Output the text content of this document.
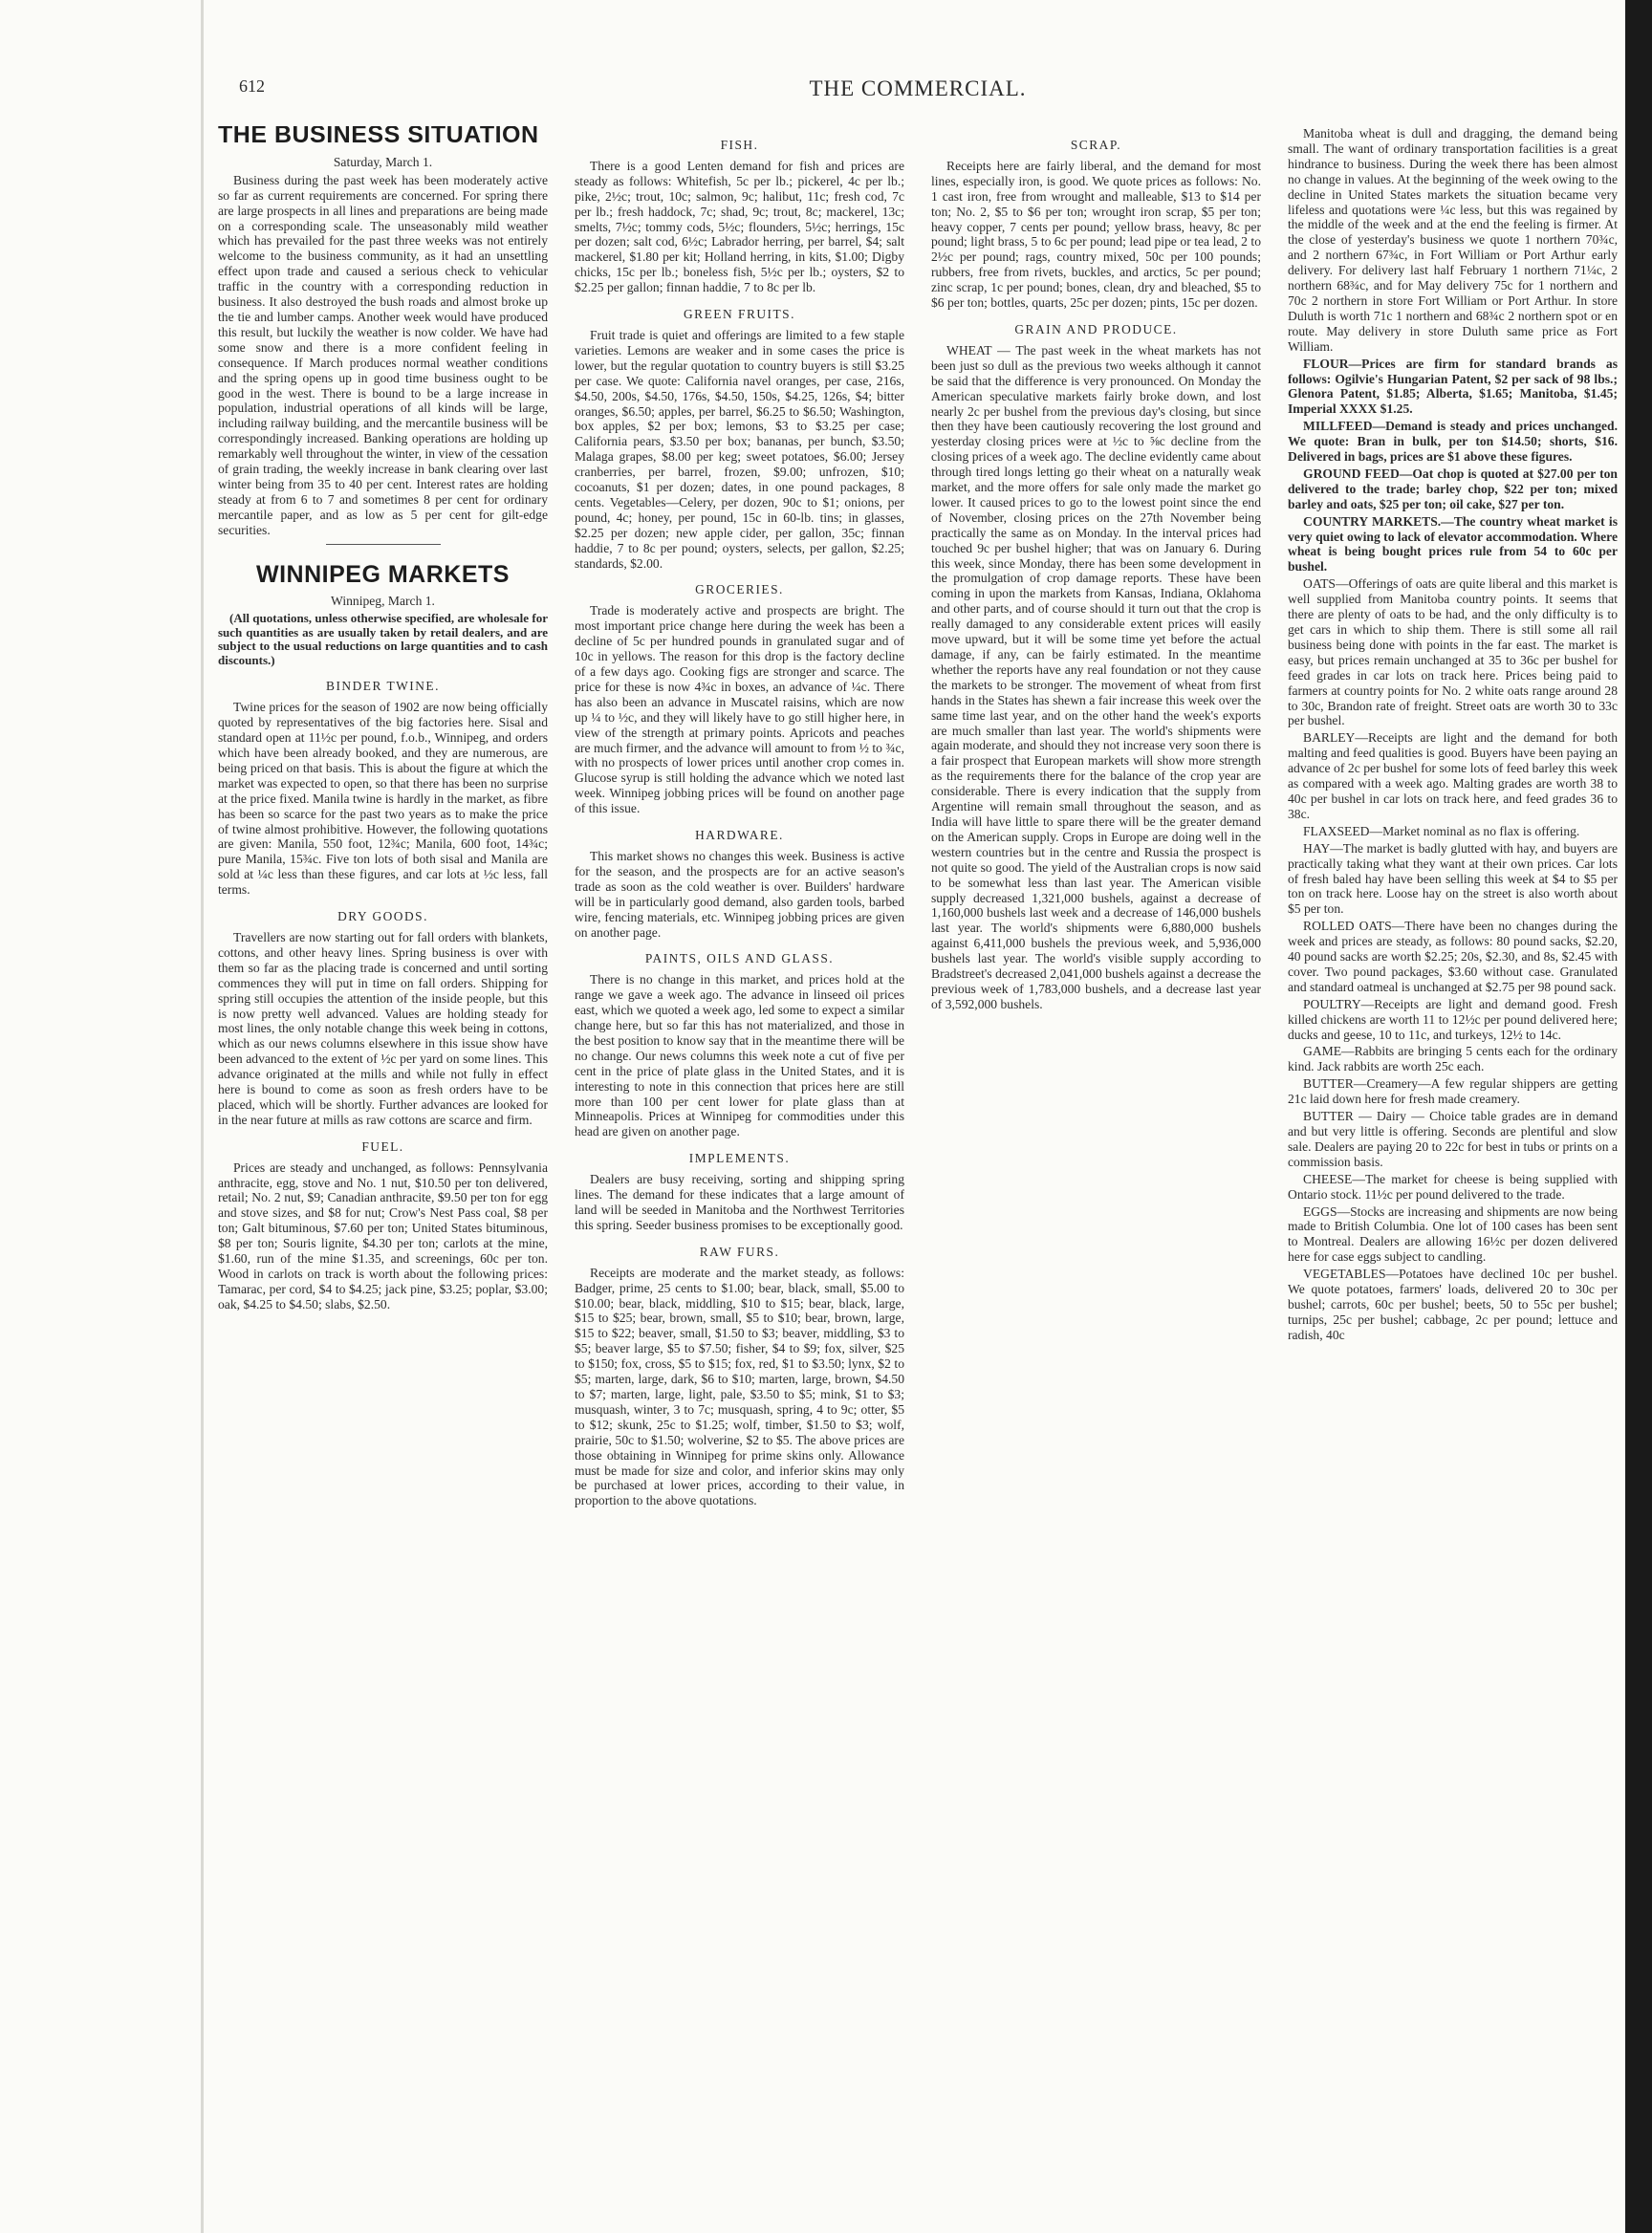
612	THE COMMERCIAL.
THE BUSINESS SITUATION
Saturday, March 1.

Business during the past week has been moderately active so far as current requirements are concerned. For spring there are large prospects in all lines and preparations are being made on a corresponding scale. The unseasonably mild weather which has prevailed for the past three weeks was not entirely welcome to the business community, as it had an unsettling effect upon trade and caused a serious check to vehicular traffic in the country with a corresponding reduction in business. It also destroyed the bush roads and almost broke up the tie and lumber camps. Another week would have produced this result, but luckily the weather is now colder. We have had some snow and there is a more confident feeling in consequence. If March produces normal weather conditions and the spring opens up in good time business ought to be good in the west. There is bound to be a large increase in population, industrial operations of all kinds will be large, including railway building, and the mercantile business will be correspondingly increased. Banking operations are holding up remarkably well throughout the winter, in view of the cessation of grain trading, the weekly increase in bank clearing over last winter being from 35 to 40 per cent. Interest rates are holding steady at from 6 to 7 and sometimes 8 per cent for ordinary mercantile paper, and as low as 5 per cent for gilt-edge securities.

WINNIPEG MARKETS
Winnipeg, March 1.
(All quotations, unless otherwise specified, are wholesale for such quantities as are usually taken by retail dealers, and are subject to the usual reductions on large quantities and to cash discounts.)
BINDER TWINE.

Twine prices for the season of 1902 are now being officially quoted by representatives of the big factories here. Sisal and standard open at 11½c per pound, f.o.b., Winnipeg, and orders which have been already booked, and they are numerous, are being priced on that basis. This is about the figure at which the market was expected to open, so that there has been no surprise at the price fixed. Manila twine is hardly in the market, as fibre has been so scarce for the past two years as to make the price of twine almost prohibitive. However, the following quotations are given: Manila, 550 foot, 12¾c; Manila, 600 foot, 14¾c; pure Manila, 15¾c. Five ton lots of both sisal and Manila are sold at ¼c less than these figures, and car lots at ½c less, fall terms.

DRY GOODS.

Travellers are now starting out for fall orders with blankets, cottons, and other heavy lines. Spring business is over with them so far as the placing trade is concerned and until sorting commences they will put in time on fall orders. Shipping for spring still occupies the attention of the inside people, but this is now pretty well advanced. Values are holding steady for most lines, the only notable change this week being in cottons, which as our news columns elsewhere in this issue show have been advanced to the extent of ½c per yard on some lines. This advance originated at the mills and while not fully in effect here is bound to come as soon as fresh orders have to be placed, which will be shortly. Further advances are looked for in the near future at mills as raw cottons are scarce and firm.

FUEL.

Prices are steady and unchanged, as follows: Pennsylvania anthracite, egg, stove and No. 1 nut, $10.50 per ton delivered, retail; No. 2 nut, $9; Canadian anthracite, $9.50 per ton for egg and stove sizes, and $8 for nut; Crow's Nest Pass coal, $8 per ton; Galt bituminous, $7.60 per ton; United States bituminous, $8 per ton; Souris lignite, $4.30 per ton; carlots at the mine, $1.60, run of the mine $1.35, and screenings, 60c per ton. Wood in carlots on track is worth about the following prices: Tamarac, per cord, $4 to $4.25; jack pine, $3.25; poplar, $3.00; oak, $4.25 to $4.50; slabs, $2.50.

FISH.

There is a good Lenten demand for fish and prices are steady as follows: Whitefish, 5c per lb.; pickerel, 4c per lb.; pike, 2½c; trout, 10c; salmon, 9c; halibut, 11c; fresh cod, 7c per lb.; fresh haddock, 7c; shad, 9c; trout, 8c; mackerel, 13c; smelts, 7½c; tommy cods, 5½c; flounders, 5½c; herrings, 15c per dozen; salt cod, 6½c; Labrador herring, per barrel, $4; salt mackerel, $1.80 per kit; Holland herring, in kits, $1.00; Digby chicks, 15c per lb.; boneless fish, 5½c per lb.; oysters, $2 to $2.25 per gallon; finnan haddie, 7 to 8c per lb.

GREEN FRUITS.

Fruit trade is quiet and offerings are limited to a few staple varieties. Lemons are weaker and in some cases the price is lower, but the regular quotation to country buyers is still $3.25 per case. We quote: California navel oranges, per case, 216s, $4.50, 200s, $4.50, 176s, $4.50, 150s, $4.25, 126s, $4; bitter oranges, $6.50; apples, per barrel, $6.25 to $6.50; Washington, box apples, $2 per box; lemons, $3 to $3.25 per case; California pears, $3.50 per box; bananas, per bunch, $3.50; Malaga grapes, $8.00 per keg; sweet potatoes, $6.00; Jersey cranberries, per barrel, frozen, $9.00; unfrozen, $10; cocoanuts, $1 per dozen; dates, in one pound packages, 8 cents. Vegetables—Celery, per dozen, 90c to $1; onions, per pound, 4c; honey, per pound, 15c in 60-lb. tins; in glasses, $2.25 per dozen; new apple cider, per gallon, 35c; finnan haddie, 7 to 8c per pound; oysters, selects, per gallon, $2.25; standards, $2.00.

GROCERIES.

Trade is moderately active and prospects are bright. The most important price change here during the week has been a decline of 5c per hundred pounds in granulated sugar and of 10c in yellows. The reason for this drop is the factory decline of a few days ago. Cooking figs are stronger and scarce. The price for these is now 4¾c in boxes, an advance of ¼c. There has also been an advance in Muscatel raisins, which are now up ¼ to ½c, and they will likely have to go still higher here, in view of the strength at primary points. Apricots and peaches are much firmer, and the advance will amount to from ½ to ¾c, with no prospects of lower prices until another crop comes in. Glucose syrup is still holding the advance which we noted last week. Winnipeg jobbing prices will be found on another page of this issue.

HARDWARE.

This market shows no changes this week. Business is active for the season, and the prospects are for an active season's trade as soon as the cold weather is over. Builders' hardware will be in particularly good demand, also garden tools, barbed wire, fencing materials, etc. Winnipeg jobbing prices are given on another page.

PAINTS, OILS AND GLASS.

There is no change in this market, and prices hold at the range we gave a week ago. The advance in linseed oil prices east, which we quoted a week ago, led some to expect a similar change here, but so far this has not materialized, and those in the best position to know say that in the meantime there will be no change. Our news columns this week note a cut of five per cent in the price of plate glass in the United States, and it is interesting to note in this connection that prices here are still more than 100 per cent lower for plate glass than at Minneapolis. Prices at Winnipeg for commodities under this head are given on another page.

IMPLEMENTS.

Dealers are busy receiving, sorting and shipping spring lines. The demand for these indicates that a large amount of land will be seeded in Manitoba and the Northwest Territories this spring. Seeder business promises to be exceptionally good.

RAW FURS.

Receipts are moderate and the market steady, as follows: Badger, prime, 25 cents to $1.00; bear, black, small, $5.00 to $10.00; bear, black, middling, $10 to $15; bear, black, large, $15 to $25; bear, brown, small, $5 to $10; bear, brown, large, $15 to $22; beaver, small, $1.50 to $3; beaver, middling, $3 to $5; beaver large, $5 to $7.50; fisher, $4 to $9; fox, silver, $25 to $150; fox, cross, $5 to $15; fox, red, $1 to $3.50; lynx, $2 to $5; marten, large, dark, $6 to $10; marten, large, brown, $4.50 to $7; marten, large, light, pale, $3.50 to $5; mink, $1 to $3; musquash, winter, 3 to 7c; musquash, spring, 4 to 9c; otter, $5 to $12; skunk, 25c to $1.25; wolf, timber, $1.50 to $3; wolf, prairie, 50c to $1.50; wolverine, $2 to $5. The above prices are those obtaining in Winnipeg for prime skins only. Allowance must be made for size and color, and inferior skins may only be purchased at lower prices, according to their value, in proportion to the above quotations.

SCRAP.

Receipts here are fairly liberal, and the demand for most lines, especially iron, is good. We quote prices as follows: No. 1 cast iron, free from wrought and malleable, $13 to $14 per ton; No. 2, $5 to $6 per ton; wrought iron scrap, $5 per ton; heavy copper, 7 cents per pound; yellow brass, heavy, 8c per pound; light brass, 5 to 6c per pound; lead pipe or tea lead, 2 to 2½c per pound; rags, country mixed, 50c per 100 pounds; rubbers, free from rivets, buckles, and arctics, 5c per pound; zinc scrap, 1c per pound; bones, clean, dry and bleached, $5 to $6 per ton; bottles, quarts, 25c per dozen; pints, 15c per dozen.

GRAIN AND PRODUCE.

WHEAT — The past week in the wheat markets has not been just so dull as the previous two weeks although it cannot be said that the difference is very pronounced. On Monday the American speculative markets fairly broke down, and lost nearly 2c per bushel from the previous day's closing, but since then they have been cautiously recovering the lost ground and yesterday closing prices were at ½c to ⅝c decline from the closing prices of a week ago. The decline evidently came about through tired longs letting go their wheat on a naturally weak market, and the more offers for sale only made the market go lower. It caused prices to go to the lowest point since the end of November, closing prices on the 27th November being practically the same as on Monday. In the interval prices had touched 9c per bushel higher; that was on January 6. During this week, since Monday, there has been some development in the promulgation of crop damage reports. These have been coming in upon the markets from Kansas, Indiana, Oklahoma and other parts, and of course should it turn out that the crop is really damaged to any considerable extent prices will easily move upward, but it will be some time yet before the actual damage, if any, can be fairly estimated. In the meantime whether the reports have any real foundation or not they cause the markets to be stronger. The movement of wheat from first hands in the States has shewn a fair increase this week over the same time last year, and on the other hand the week's exports are much smaller than last year. The world's shipments were again moderate, and should they not increase very soon there is a fair prospect that European markets will show more strength as the requirements there for the balance of the crop year are considerable. There is every indication that the supply from Argentine will remain small throughout the season, and as India will have little to spare there will be the greater demand on the American supply. Crops in Europe are doing well in the western countries but in the centre and Russia the prospect is not quite so good. The yield of the Australian crops is now said to be somewhat less than last year. The American visible supply decreased 1,321,000 bushels, against a decrease of 1,160,000 bushels last week and a decrease of 146,000 bushels last year. The world's shipments were 6,880,000 bushels against 6,411,000 bushels the previous week, and 5,936,000 bushels last year. The world's visible supply according to Bradstreet's decreased 2,041,000 bushels against a decrease the previous week of 1,783,000 bushels, and a decrease last year of 3,592,000 bushels.

Manitoba wheat is dull and dragging, the demand being small. The want of ordinary transportation facilities is a great hindrance to business. During the week there has been almost no change in values. At the beginning of the week owing to the decline in United States markets the situation became very lifeless and quotations were ¼c less, but this was regained by the middle of the week and at the end the feeling is firmer. At the close of yesterday's business we quote 1 northern 70¾c, and 2 northern 67¾c, in Fort William or Port Arthur early delivery. For delivery last half February 1 northern 71¼c, 2 northern 68¾c, and for May delivery 75c for 1 northern and 70c 2 northern in store Fort William or Port Arthur. In store Duluth is worth 71c 1 northern and 68¾c 2 northern spot or en route. May delivery in store Duluth same price as Fort William.

FLOUR—Prices are firm for standard brands as follows: Ogilvie's Hungarian Patent, $2 per sack of 98 lbs.; Glenora Patent, $1.85; Alberta, $1.65; Manitoba, $1.45; Imperial XXXX $1.25.

MILLFEED—Demand is steady and prices unchanged. We quote: Bran in bulk, per ton $14.50; shorts, $16. Delivered in bags, prices are $1 above these figures.

GROUND FEED—Oat chop is quoted at $27.00 per ton delivered to the trade; barley chop, $22 per ton; mixed barley and oats, $25 per ton; oil cake, $27 per ton.

COUNTRY MARKETS.—The country wheat market is very quiet owing to lack of elevator accommodation. Where wheat is being bought prices rule from 54 to 60c per bushel.

OATS—Offerings of oats are quite liberal and this market is well supplied from Manitoba country points. It seems that there are plenty of oats to be had, and the only difficulty is to get cars in which to ship them. There is still some all rail business being done with points in the far east. The market is easy, but prices remain unchanged at 35 to 36c per bushel for feed grades in car lots on track here. Prices being paid to farmers at country points for No. 2 white oats range around 28 to 30c, Brandon rate of freight. Street oats are worth 30 to 33c per bushel.

BARLEY—Receipts are light and the demand for both malting and feed qualities is good. Buyers have been paying an advance of 2c per bushel for some lots of feed barley this week as compared with a week ago. Malting grades are worth 38 to 40c per bushel in car lots on track here, and feed grades 36 to 38c.

FLAXSEED—Market nominal as no flax is offering.

HAY—The market is badly glutted with hay, and buyers are practically taking what they want at their own prices. Car lots of fresh baled hay have been selling this week at $4 to $5 per ton on track here. Loose hay on the street is also worth about $5 per ton.

ROLLED OATS—There have been no changes during the week and prices are steady, as follows: 80 pound sacks, $2.20, 40 pound sacks are worth $2.25; 20s, $2.30, and 8s, $2.45 with cover. Two pound packages, $3.60 without case. Granulated and standard oatmeal is unchanged at $2.75 per 98 pound sack.

POULTRY—Receipts are light and demand good. Fresh killed chickens are worth 11 to 12½c per pound delivered here; ducks and geese, 10 to 11c, and turkeys, 12½ to 14c.

GAME—Rabbits are bringing 5 cents each for the ordinary kind. Jack rabbits are worth 25c each.

BUTTER—Creamery—A few regular shippers are getting 21c laid down here for fresh made creamery.

BUTTER — Dairy — Choice table grades are in demand and but very little is offering. Seconds are plentiful and slow sale. Dealers are paying 20 to 22c for best in tubs or prints on a commission basis.

CHEESE—The market for cheese is being supplied with Ontario stock. 11½c per pound delivered to the trade.

EGGS—Stocks are increasing and shipments are now being made to British Columbia. One lot of 100 cases has been sent to Montreal. Dealers are allowing 16½c per dozen delivered here for case eggs subject to candling.

VEGETABLES—Potatoes have declined 10c per bushel. We quote potatoes, farmers' loads, delivered 20 to 30c per bushel; carrots, 60c per bushel; beets, 50 to 55c per bushel; turnips, 25c per bushel; cabbage, 2c per pound; lettuce and radish, 40c
